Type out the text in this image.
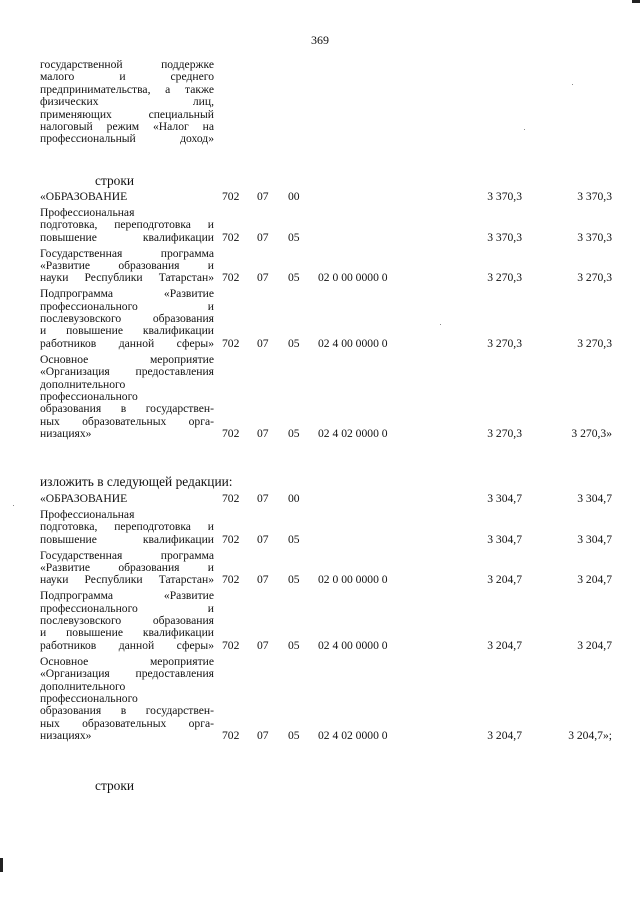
369
государственной поддержке
малого и среднего
предпринимательства, а также
физических лиц,
применяющих специальный
налоговый режим «Налог на
профессиональный доход»
строки
«ОБРАЗОВАНИЕ	702 07 00	3 370,3	3 370,3
Профессиональная
подготовка, переподготовка и
повышение квалификации 702 07 05	3 370,3	3 370,3
Государственная программа
«Развитие образования и
науки Республики Татарстан» 702 07 05 02 0 00 0000 0	3 270,3	3 270,3
Подпрограмма «Развитие
профессионального и
послевузовского образования
и повышение квалификации
работников данной сферы» 702 07 05 02 4 00 0000 0	3 270,3	3 270,3
Основное мероприятие
«Организация предоставления
дополнительного
профессионального
образования в государствен-
ных образовательных орга-
низациях»	702 07 05 02 4 02 0000 0	3 270,3	3 270,3»
изложить в следующей редакции:
«ОБРАЗОВАНИЕ	702 07 00	3 304,7	3 304,7
Профессиональная
подготовка, переподготовка и
повышение квалификации 702 07 05	3 304,7	3 304,7
Государственная программа
«Развитие образования и
науки Республики Татарстан» 702 07 05 02 0 00 0000 0	3 204,7	3 204,7
Подпрограмма «Развитие
профессионального и
послевузовского образования
и повышение квалификации
работников данной сферы» 702 07 05 02 4 00 0000 0	3 204,7	3 204,7
Основное мероприятие
«Организация предоставления
дополнительного
профессионального
образования в государствен-
ных образовательных орга-
низациях»	702 07 05 02 4 02 0000 0	3 204,7	3 204,7»;
строки
